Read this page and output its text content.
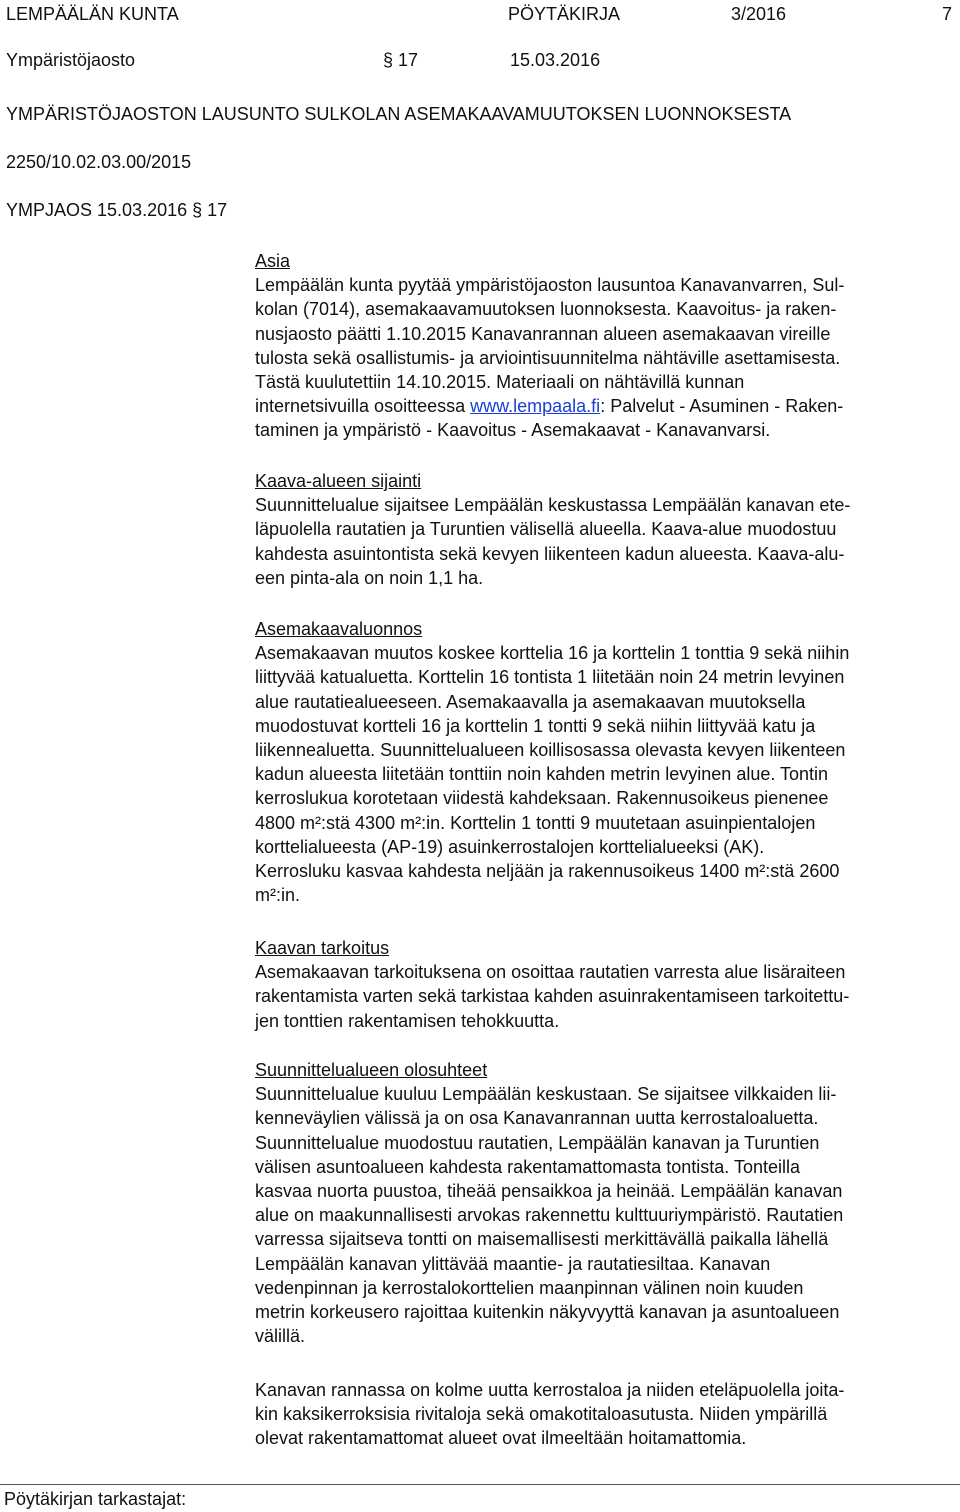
LEMPÄÄLÄN KUNTA	PÖYTÄKIRJA	3/2016	7
Ympäristöjaosto	§ 17	15.03.2016
YMPÄRISTÖJAOSTON LAUSUNTO SULKOLAN ASEMAKAAVAMUUTOKSEN LUONNOKSESTA
2250/10.02.03.00/2015
YMPJAOS 15.03.2016 § 17
Asia
Lempäälän kunta pyytää ympäristöjaoston lausuntoa Kanavanvarren, Sul-
kolan (7014), asemakaavamuutoksen luonnoksesta. Kaavoitus- ja raken-
nusjaosto päätti 1.10.2015 Kanavanrannan alueen asemakaavan vireille
tulosta sekä osallistumis- ja arviointisuunnitelma nähtäville asettamisesta.
Tästä kuulutettiin 14.10.2015. Materiaali on nähtävillä kunnan
internetsivuilla osoitteessa www.lempaala.fi: Palvelut - Asuminen - Raken-
taminen ja ympäristö - Kaavoitus - Asemakaavat - Kanavanvarsi.
Kaava-alueen sijainti
Suunnittelualue sijaitsee Lempäälän keskustassa Lempäälän kanavan ete-
läpuolella rautatien ja Turuntien välisellä alueella. Kaava-alue muodostuu
kahdesta asuintontista sekä kevyen liikenteen kadun alueesta. Kaava-alu-
een pinta-ala on noin 1,1 ha.
Asemakaavaluonnos
Asemakaavan muutos koskee korttelia 16 ja korttelin 1 tonttia 9 sekä niihin
liittyvää katualuetta. Korttelin 16 tontista 1 liitetään noin 24 metrin levyinen
alue rautatiealueeseen. Asemakaavalla ja asemakaavan muutoksella
muodostuvat kortteli 16 ja korttelin 1 tontti 9 sekä niihin liittyvää katu ja
liikennealuetta. Suunnittelualueen koillisosassa olevasta kevyen liikenteen
kadun alueesta liitetään tonttiin noin kahden metrin levyinen alue. Tontin
kerroslukua korotetaan viidestä kahdeksaan. Rakennusoikeus pienenee
4800 m²:stä 4300 m²:in. Korttelin 1 tontti 9 muutetaan asuinpientalojen
korttelialueesta (AP-19) asuinkerrostalojen korttelialueeksi (AK).
Kerrosluku kasvaa kahdesta neljään ja rakennusoikeus 1400 m²:stä 2600
m²:in.
Kaavan tarkoitus
Asemakaavan tarkoituksena on osoittaa rautatien varresta alue lisäraiteen
rakentamista varten sekä tarkistaa kahden asuinrakentamiseen tarkoitettu-
jen tonttien rakentamisen tehokkuutta.
Suunnittelualueen olosuhteet
Suunnittelualue kuuluu Lempäälän keskustaan. Se sijaitsee vilkkaiden lii-
kenneväylien välissä ja on osa Kanavanrannan uutta kerrostaloaluetta.
Suunnittelualue muodostuu rautatien, Lempäälän kanavan ja Turuntien
välisen asuntoalueen kahdesta rakentamattomasta tontista. Tonteilla
kasvaa nuorta puustoa, tiheää pensaikkoa ja heinää. Lempäälän kanavan
alue on maakunnallisesti arvokas rakennettu kulttuuriympäristö. Rautatien
varressa sijaitseva tontti on maisemallisesti merkittävällä paikalla lähellä
Lempäälän kanavan ylittävää maantie- ja rautatiesiltaa. Kanavan
vedenpinnan ja kerrostalokorttelien maanpinnan välinen noin kuuden
metrin korkeusero rajoittaa kuitenkin näkyvyyttä kanavan ja asuntoalueen
välillä.
Kanavan rannassa on kolme uutta kerrostaloa ja niiden eteläpuolella joita-
kin kaksikerroksisia rivitaloja sekä omakotitaloasutusta. Niiden ympärillä
olevat rakentamattomat alueet ovat ilmeeltään hoitamattomia.
Pöytäkirjan tarkastajat:
